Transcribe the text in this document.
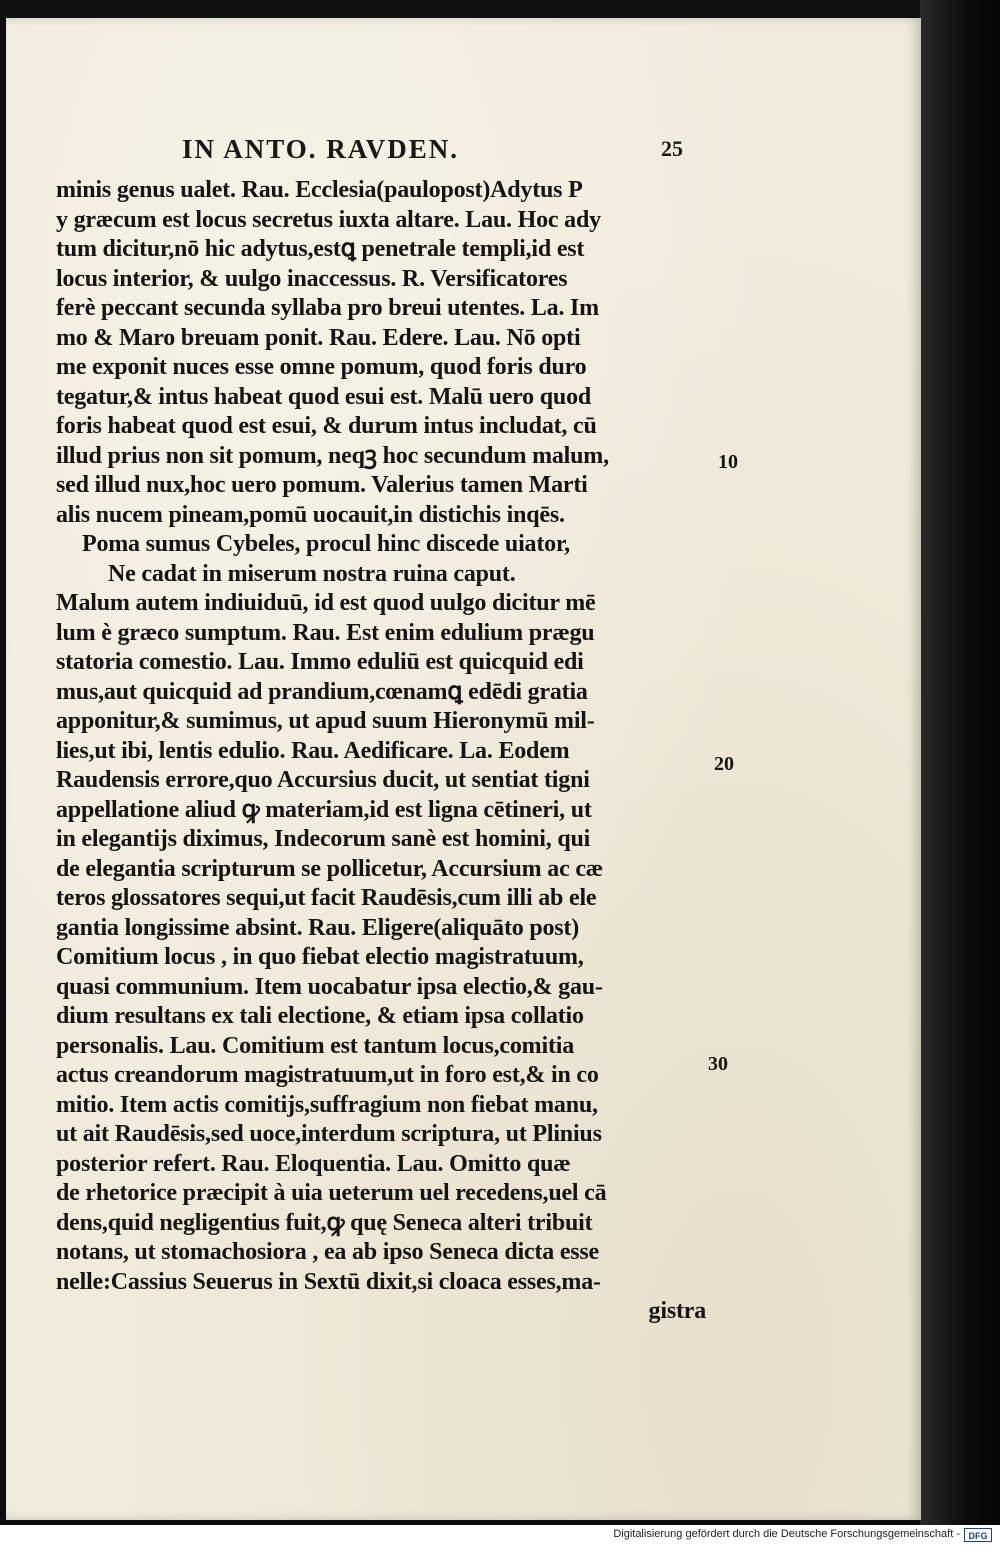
IN ANTO. RAVDEN.	25
minis genus ualet. Rau. Ecclesia(paulopost)Adytus P
y græcum est locus secretus iuxta altare. Lau. Hoc ady
tum dicitur,nō hic adytus,estꝗ penetrale templi,id est
locus interior, & uulgo inaccessus. R. Versificatores
ferè peccant secunda syllaba pro breui utentes. La. Im
mo & Maro breuam ponit. Rau. Edere. Lau. Nō opti
me exponit nuces esse omne pomum, quod foris duro
tegatur,& intus habeat quod esui est. Malū uero quod
foris habeat quod est esui, & durum intus includat, cū
illud prius non sit pomum, neqꝫ hoc secundum malum,
sed illud nux,hoc uero pomum. Valerius tamen Marti
alis nucem pineam,pomū uocauit,in distichis inqēs.
Poma sumus Cybeles, procul hinc discede uiator,
Ne cadat in miserum nostra ruina caput.
Malum autem indiuiduū, id est quod uulgo dicitur mē
lum è græco sumptum. Rau. Est enim edulium prægu
statoria comestio. Lau. Immo eduliū est quicquid edi
mus,aut quicquid ad prandium,cœnamꝗ edēdi gratia
apponitur,& sumimus, ut apud suum Hieronymū mil-
lies,ut ibi, lentis edulio. Rau. Aedificare. La. Eodem
Raudensis errore,quo Accursius ducit, ut sentiat tigni
appellatione aliud ꝙ materiam,id est ligna cētineri, ut
in elegantijs diximus, Indecorum sanè est homini, qui
de elegantia scripturum se pollicetur, Accursium ac cæ
teros glossatores sequi,ut facit Raudēsis,cum illi ab ele
gantia longissime absint. Rau. Eligere(aliquāto post)
Comitium locus , in quo fiebat electio magistratuum,
quasi communium. Item uocabatur ipsa electio,& gau-
dium resultans ex tali electione, & etiam ipsa collatio
personalis. Lau. Comitium est tantum locus,comitia
actus creandorum magistratuum,ut in foro est,& in co
mitio. Item actis comitijs,suffragium non fiebat manu,
ut ait Raudēsis,sed uoce,interdum scriptura, ut Plinius
posterior refert. Rau. Eloquentia. Lau. Omitto quæ
de rhetorice præcipit à uia ueterum uel recedens,uel cā
dens,quid negligentius fuit,ꝙ quę Seneca alteri tribuit
notans, ut stomachosiora , ea ab ipso Seneca dicta esse
nelle:Cassius Seuerus in Sextū dixit,si cloaca esses,ma-
gistra
10
20
30
Digitalisierung gefördert durch die Deutsche Forschungsgemeinschaft - DFG
